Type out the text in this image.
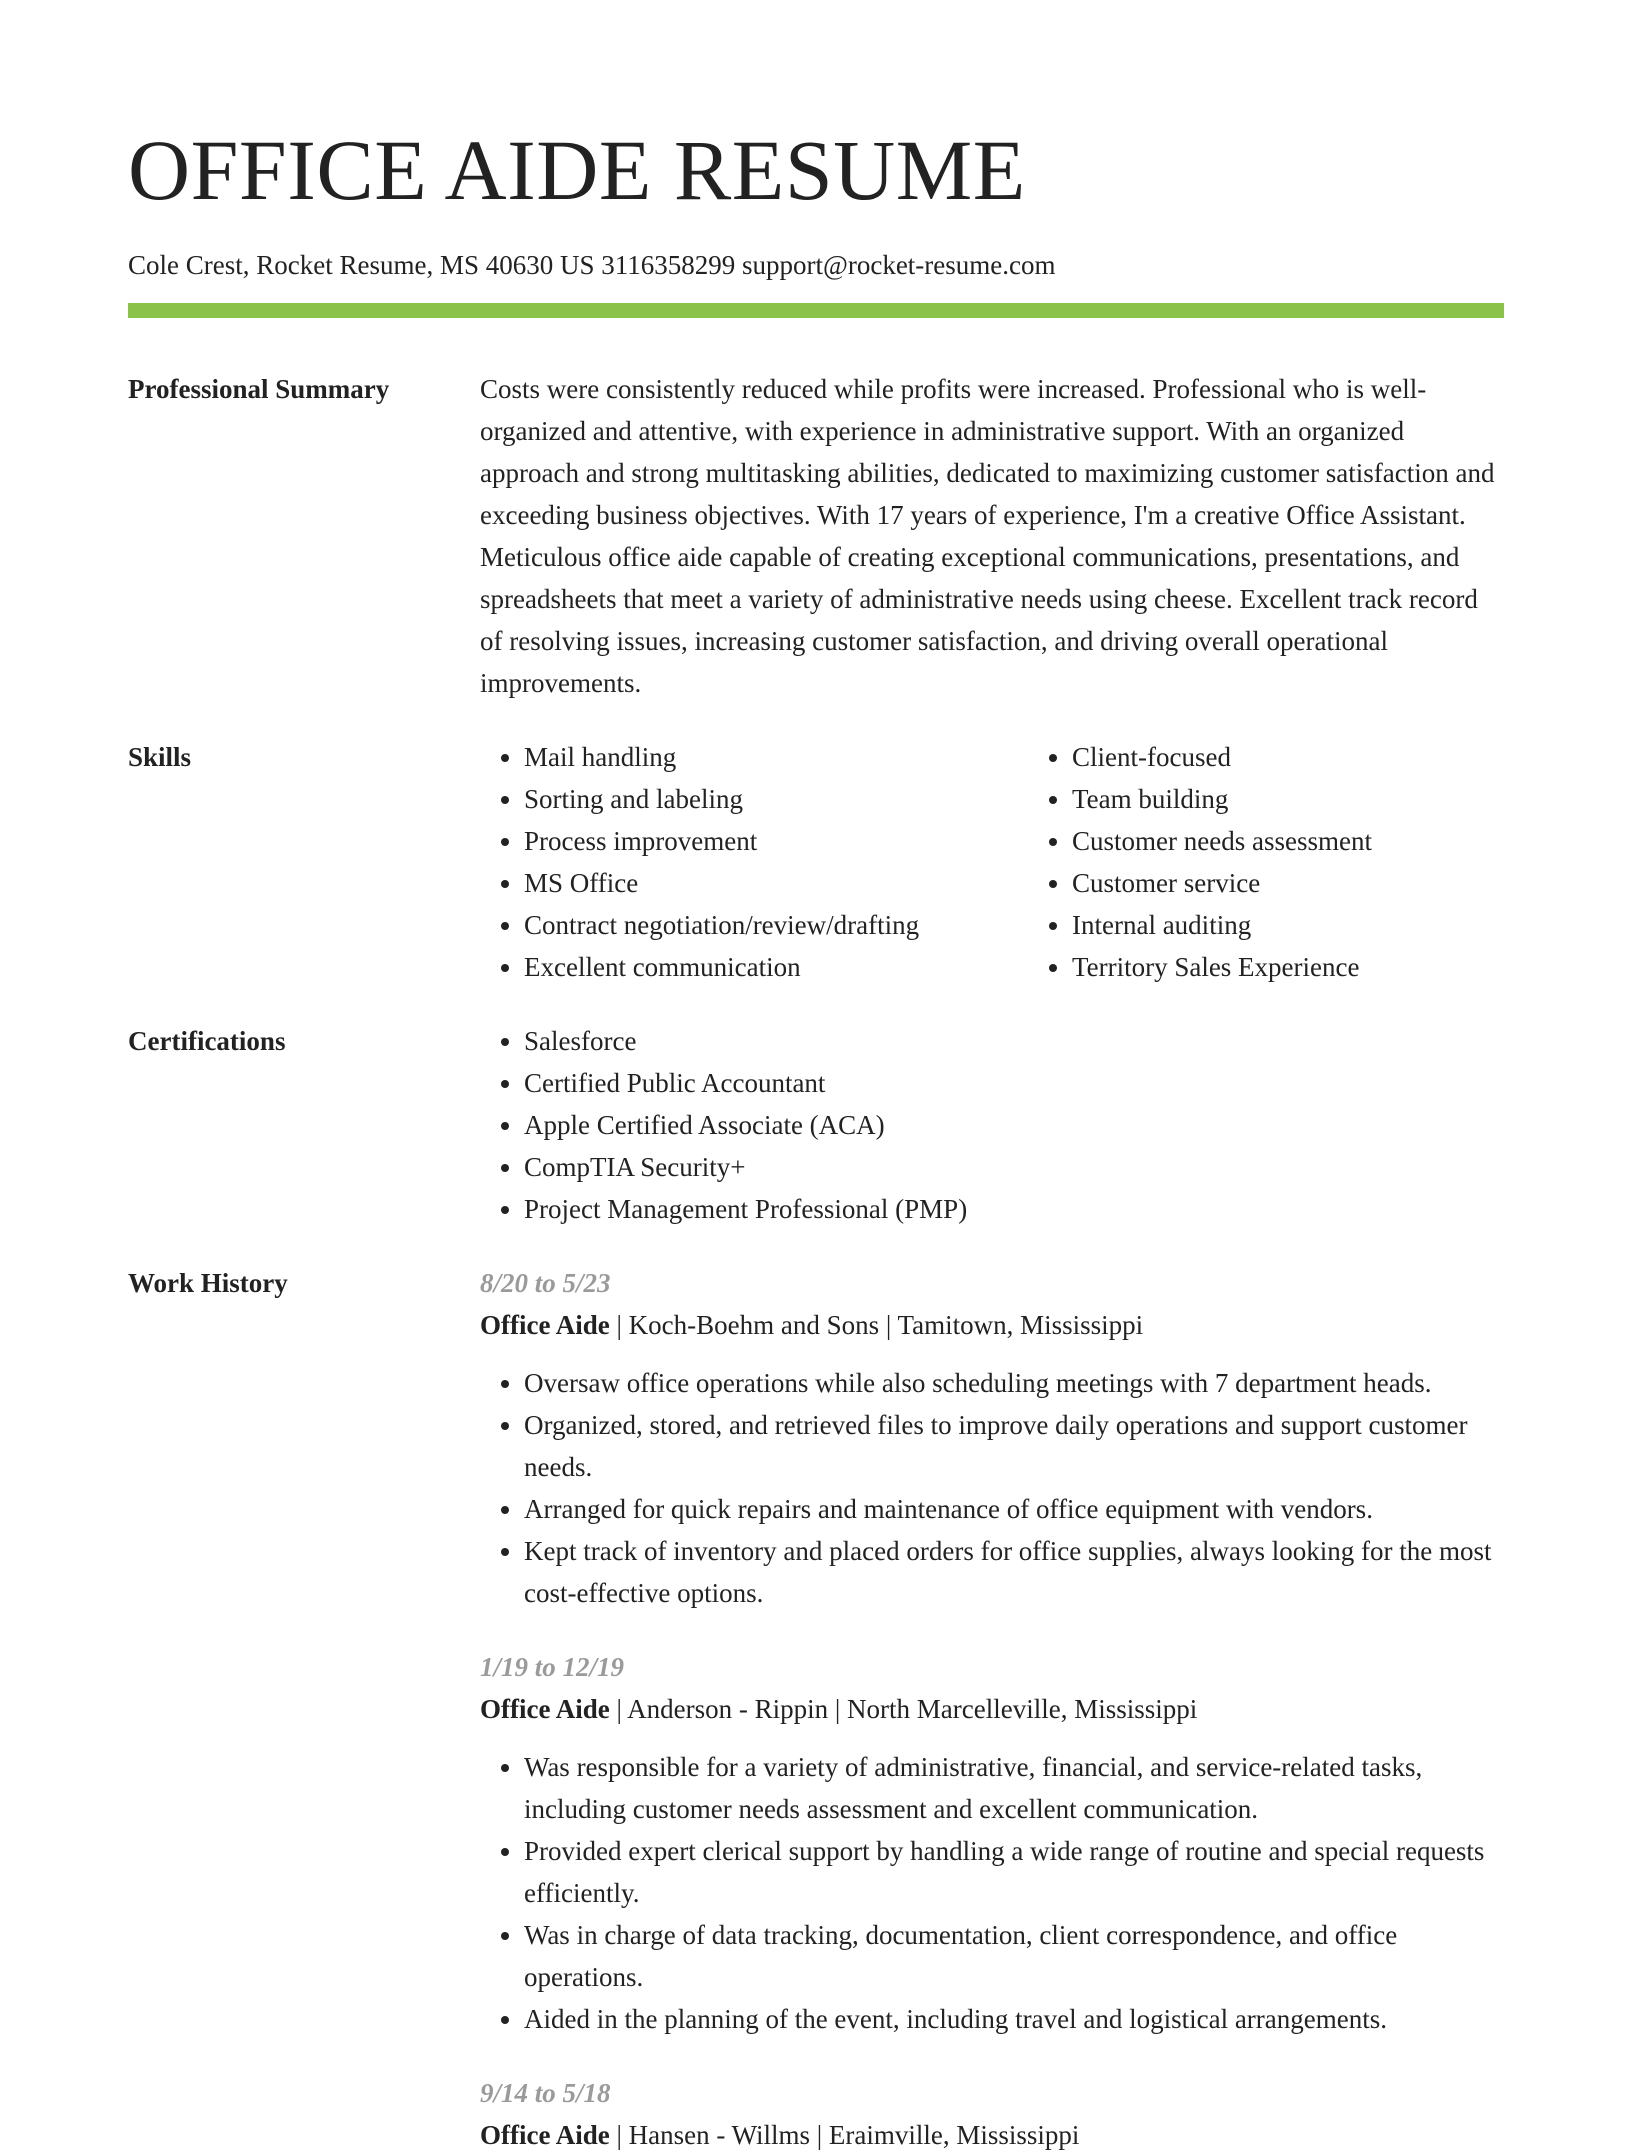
OFFICE AIDE RESUME
Cole Crest, Rocket Resume, MS 40630 US 3116358299 support@rocket-resume.com
Professional Summary	Costs were consistently reduced while profits were increased. Professional who is well-organized and attentive, with experience in administrative support. With an organized approach and strong multitasking abilities, dedicated to maximizing customer satisfaction and exceeding business objectives. With 17 years of experience, I'm a creative Office Assistant. Meticulous office aide capable of creating exceptional communications, presentations, and spreadsheets that meet a variety of administrative needs using cheese. Excellent track record of resolving issues, increasing customer satisfaction, and driving overall operational improvements.
Skills	• Mail handling
• Sorting and labeling
• Process improvement
• MS Office
• Contract negotiation/review/drafting
• Excellent communication
• Client-focused
• Team building
• Customer needs assessment
• Customer service
• Internal auditing
• Territory Sales Experience
Certifications	• Salesforce
• Certified Public Accountant
• Apple Certified Associate (ACA)
• CompTIA Security+
• Project Management Professional (PMP)
Work History	8/20 to 5/23
Office Aide | Koch-Boehm and Sons | Tamitown, Mississippi
• Oversaw office operations while also scheduling meetings with 7 department heads.
• Organized, stored, and retrieved files to improve daily operations and support customer needs.
• Arranged for quick repairs and maintenance of office equipment with vendors.
• Kept track of inventory and placed orders for office supplies, always looking for the most cost-effective options.
1/19 to 12/19
Office Aide | Anderson - Rippin | North Marcelleville, Mississippi
• Was responsible for a variety of administrative, financial, and service-related tasks, including customer needs assessment and excellent communication.
• Provided expert clerical support by handling a wide range of routine and special requests efficiently.
• Was in charge of data tracking, documentation, client correspondence, and office operations.
• Aided in the planning of the event, including travel and logistical arrangements.
9/14 to 5/18
Office Aide | Hansen - Willms | Eraimville, Mississippi
